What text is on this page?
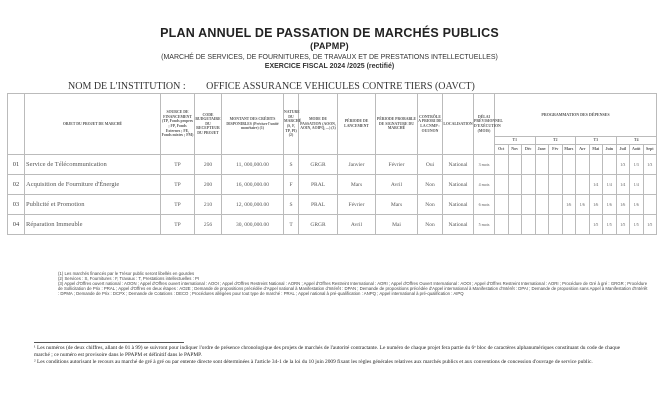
PLAN ANNUEL DE PASSATION DE MARCHÉS PUBLICS
(PAPMP)
(MARCHÉ DE SERVICES, DE FOURNITURES, DE TRAVAUX ET DE PRESTATIONS INTELLECTUELLES)
EXERCICE FISCAL 2024 /2025 (rectifié)
NOM DE L'INSTITUTION : OFFICE ASSURANCE VEHICULES CONTRE TIERS (OAVCT)
	OBJET DU PROJET DE MARCHÉ	SOURCE DE FINANCEMENT (TP, Fonds propres ; FP, Fonds Externes ; FE, Fonds mixtes ; FM)	CODE BUDGETAIRE DU RECEPTEUR DU PROJET	MONTANT DES CRÉDITS DISPONIBLES (Préciser l'unité monétaire) (1)	NATURE DU MARCHÉ (S, F, TP, PI) (2)	MODE DE PASSATION (AOON, AOIN, AOIPQ, ...) (3)	PÉRIODE DE LANCEMENT	PÉRIODE PROBABLE DE SIGNATURE DU MARCHÉ	CONTRÔLE A PRIORI DE LA CNMP : OUI/NON	LOCALISATION	DÉLAI PRÉVISIONNEL D'EXÉCUTION (MOIS)	PROGRAMMATION DES DÉPENSES											
												T1			T2			T3			T4		
												Oct	Nov	Déc	Janv	Fév	Mars	Avr	Mai	Juin	Juil	Août	Sept
01	Service de Télécommunication	TP	200	11, 000,000.00	S	GRGR	Janvier	Février	Oui	National	3 mois										1/3	1/3	1/3
02	Acquisition de Fourniture d'Énergie	TP	200	16, 000,000.00	F	PRAL	Mars	Avril	Non	National	4 mois								1/4	1/4	1/4	1/4	
03	Publicité et Promotion	TP	210	12, 000,000.00	S	PRAL	Février	Mars	Non	National	6 mois						1/6	1/6	1/6	1/6	1/6	1/6	
04	Réparation Immeuble	TP	256	30, 000,000.00	T	GRGR	Avril	Mai	Non	National	5 mois								1/5	1/5	1/5	1/5	1/5
(1) Les marchés financés par le Trésor public seront libellés en gourdes
(2) Services : S, Fournitures : F, Travaux : T, Prestations intellectuelles : PI
(3) Appel d'Offres ouvert national : AOON ; Appel d'Offres ouvert international : AOOI ; Appel d'Offres Restreint National : AORN ; Appel d'Offres Restreint International : AORI ; Appel d'Offres Ouvert International : AOOI ; Appel d'Offres Restreint International : AORI ; Procédure de Gré à gré : GRGR ; Procédure de Sollicitation de Prix : PRAL ; Appel d'Offres en deux étapes : AO2E ; Demande de propositions précédée d'Appel national à Manifestation d'Intérêt : DPAN ; Demande de propositions précédée d'Appel international à Manifestation d'Intérêt : DPAI ; Demande de proposition sans Appel à Manifestation d'Intérêt : DPMA ; Demande de Prix : DCPX ; Demande de Cotations : DECO ; Procédures allégées pour tout type de marché : PRAL ; Appel national à pré-qualification : ANPQ ; Appel international à pré-qualification : AIPQ
¹ Les numéros (de deux chiffres, allant de 01 à 99) se suivront pour indiquer l'ordre de présence chronologique des projets de marchés de l'autorité contractante. Le numéro de chaque projet fera partie du 6ᵉ bloc de caractères alphanumériques constituant du code de chaque marché ; ce numéro est provisoire dans le PPAPM et définitif dans le PAPMP.
² Les conditions autorisant le recours au marché de gré à gré ou par entente directe sont déterminées à l'article 34-1 de la loi du 10 juin 2009 fixant les règles générales relatives aux marchés publics et aux conventions de concession d'ouvrage de service public.
